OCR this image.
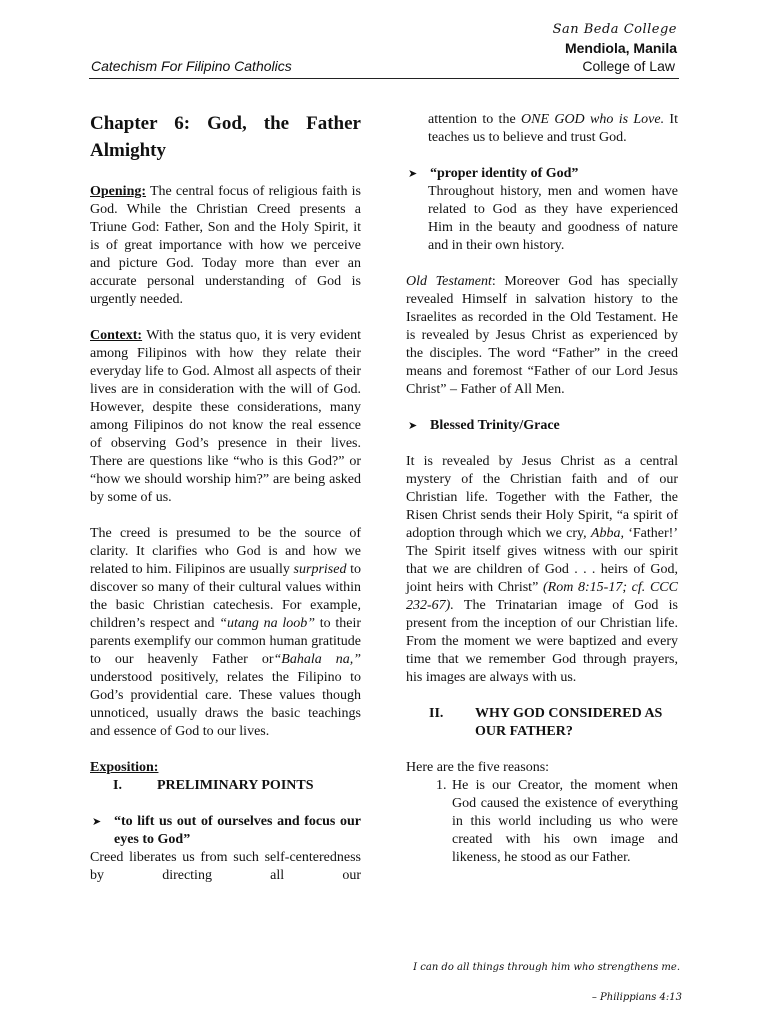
San Beda College
Mendiola, Manila
Catechism For Filipino Catholics	College of Law
Chapter 6: God, the Father Almighty

Opening: The central focus of religious faith is God. While the Christian Creed presents a Triune God: Father, Son and the Holy Spirit, it is of great importance with how we perceive and picture God. Today more than ever an accurate personal understanding of God is urgently needed.

Context: With the status quo, it is very evident among Filipinos with how they relate their everyday life to God. Almost all aspects of their lives are in consideration with the will of God. However, despite these considerations, many among Filipinos do not know the real essence of observing God’s presence in their lives. There are questions like “who is this God?” or “how we should worship him?” are being asked by some of us.

The creed is presumed to be the source of clarity. It clarifies who God is and how we related to him. Filipinos are usually surprised to discover so many of their cultural values within the basic Christian catechesis. For example, children’s respect and “utang na loob” to their parents exemplify our common human gratitude to our heavenly Father or“Bahala na,” understood positively, relates the Filipino to God’s providential care. These values though unnoticed, usually draws the basic teachings and essence of God to our lives.

Exposition:

I.	PRELIMINARY POINTS
➤ “to lift us out of ourselves and focus our eyes to God”

Creed liberates us from such self-centeredness by directing all our

attention to the ONE GOD who is Love. It teaches us to believe and trust God.

➤ “proper identity of God”

Throughout history, men and women have related to God as they have experienced Him in the beauty and goodness of nature and in their own history.

Old Testament: Moreover God has specially revealed Himself in salvation history to the Israelites as recorded in the Old Testament. He is revealed by Jesus Christ as experienced by the disciples. The word “Father” in the creed means and foremost “Father of our Lord Jesus Christ” – Father of All Men.

➤ Blessed Trinity/Grace

It is revealed by Jesus Christ as a central mystery of the Christian faith and of our Christian life. Together with the Father, the Risen Christ sends their Holy Spirit, “a spirit of adoption through which we cry, Abba, ‘Father!’ The Spirit itself gives witness with our spirit that we are children of God . . . heirs of God, joint heirs with Christ” (Rom 8:15-17; cf. CCC 232-67). The Trinatarian image of God is present from the inception of our Christian life. From the moment we were baptized and every time that we remember God through prayers, his images are always with us.

II.	WHY GOD CONSIDERED AS OUR FATHER?

Here are the five reasons:

1. He is our Creator, the moment when God caused the existence of everything in this world including us who were created with his own image and likeness, he stood as our Father.
I can do all things through him who strengthens me.
– Philippians 4:13
